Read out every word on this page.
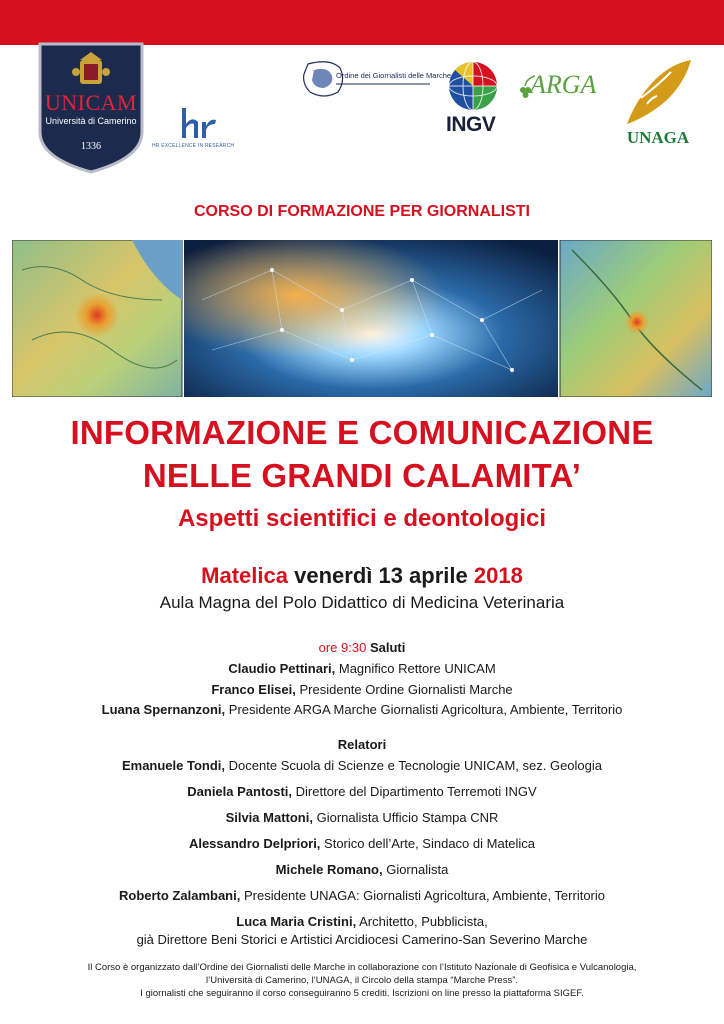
UNICAM
Università di Camerino
1336	HR EXCELLENCE IN RESEARCH
Ordine dei Giornalisti delle Marche
INGV
ARGA
UNAGA
CORSO DI FORMAZIONE PER GIORNALISTI
INFORMAZIONE E COMUNICAZIONE
NELLE GRANDI CALAMITA’
Aspetti scientifici e deontologici
Matelica venerdì 13 aprile 2018
Aula Magna del Polo Didattico di Medicina Veterinaria
ore 9:30 Saluti
Claudio Pettinari, Magnifico Rettore UNICAM
Franco Elisei, Presidente Ordine Giornalisti Marche
Luana Spernanzoni, Presidente ARGA Marche Giornalisti Agricoltura, Ambiente, Territorio
Relatori
Emanuele Tondi, Docente Scuola di Scienze e Tecnologie UNICAM, sez. Geologia
Daniela Pantosti, Direttore del Dipartimento Terremoti INGV
Silvia Mattoni, Giornalista Ufficio Stampa CNR
Alessandro Delpriori, Storico dell’Arte, Sindaco di Matelica
Michele Romano, Giornalista
Roberto Zalambani, Presidente UNAGA: Giornalisti Agricoltura, Ambiente, Territorio
Luca Maria Cristini, Architetto, Pubblicista,
già Direttore Beni Storici e Artistici Arcidiocesi Camerino-San Severino Marche
Il Corso è organizzato dall’Ordine dei Giornalisti delle Marche in collaborazione con l’Istituto Nazionale di Geofisica e Vulcanologia,
l’Università di Camerino, l’UNAGA, il Circolo della stampa “Marche Press”.
I giornalisti che seguiranno il corso conseguiranno 5 crediti. Iscrizioni on line presso la piattaforma SIGEF.
